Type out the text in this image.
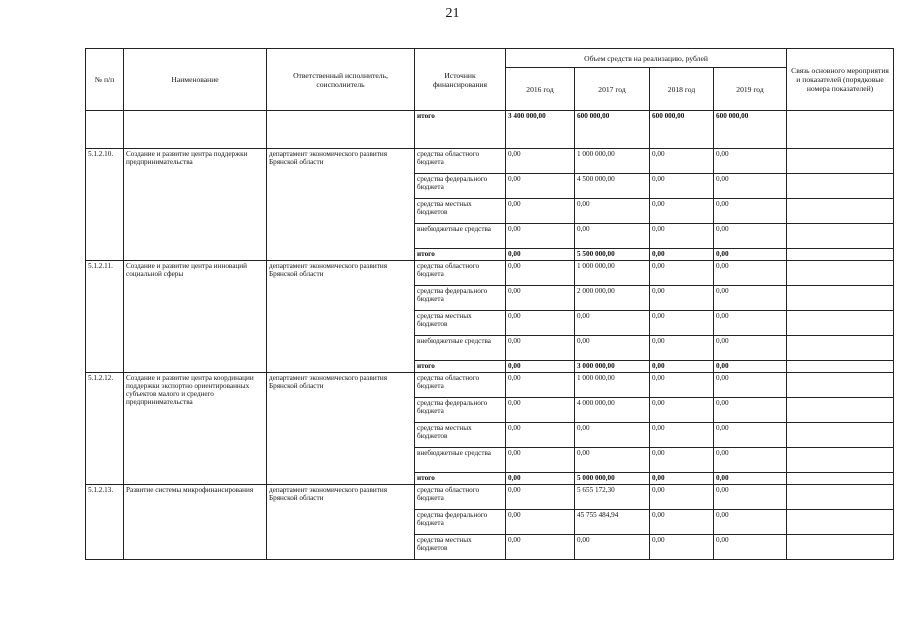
21
№ п/п	Наименование	Ответственный исполнитель, соисполнитель	Источник финансирования	Объем средств на реализацию, рублей				Связь основного мероприятия и показателей (порядковые номера показателей)
				2016 год	2017 год	2018 год	2019 год	
			итого	3 400 000,00	600 000,00	600 000,00	600 000,00	
5.1.2.10.	Создание и развитие центра поддержки предпринимательства	департамент экономического развития Брянской области	средства областного бюджета	0,00	1 000 000,00	0,00	0,00	
			средства федерального бюджета	0,00	4 500 000,00	0,00	0,00	
			средства местных бюджетов	0,00	0,00	0,00	0,00	
			внебюджетные средства	0,00	0,00	0,00	0,00	
			итого	0,00	5 500 000,00	0,00	0,00	
5.1.2.11.	Создание и развитие центра инноваций социальной сферы	департамент экономического развития Брянской области	средства областного бюджета	0,00	1 000 000,00	0,00	0,00	
			средства федерального бюджета	0,00	2 000 000,00	0,00	0,00	
			средства местных бюджетов	0,00	0,00	0,00	0,00	
			внебюджетные средства	0,00	0,00	0,00	0,00	
			итого	0,00	3 000 000,00	0,00	0,00	
5.1.2.12.	Создание и развитие центра координации поддержки экспортно ориентированных субъектов малого и среднего предпринимательства	департамент экономического развития Брянской области	средства областного бюджета	0,00	1 000 000,00	0,00	0,00	
			средства федерального бюджета	0,00	4 000 000,00	0,00	0,00	
			средства местных бюджетов	0,00	0,00	0,00	0,00	
			внебюджетные средства	0,00	0,00	0,00	0,00	
			итого	0,00	5 000 000,00	0,00	0,00	
5.1.2.13.	Развитие системы микрофинансирования	департамент экономического развития Брянской области	средства областного бюджета	0,00	5 655 172,30	0,00	0,00	
			средства федерального бюджета	0,00	45 755 484,94	0,00	0,00	
			средства местных бюджетов	0,00	0,00	0,00	0,00	
